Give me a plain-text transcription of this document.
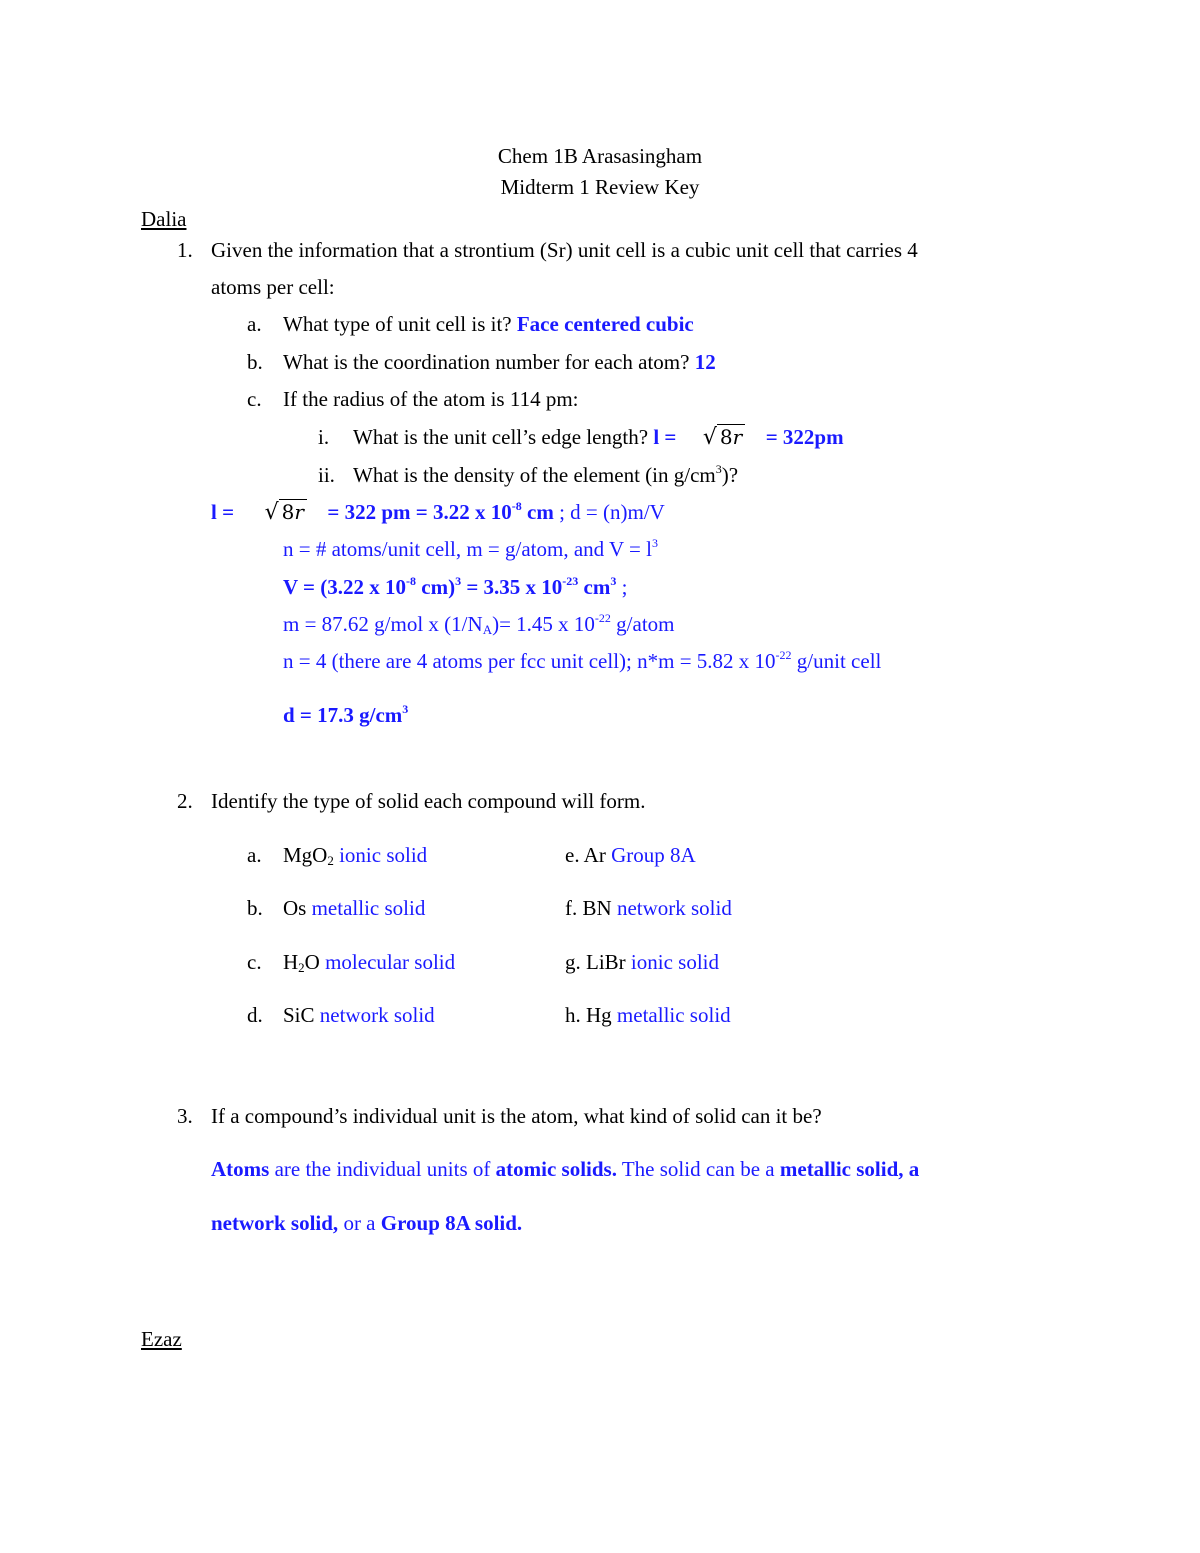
Chem 1B Arasasingham
Midterm 1 Review Key
Dalia
1. Given the information that a strontium (Sr) unit cell is a cubic unit cell that carries 4
atoms per cell:
a. What type of unit cell is it? Face centered cubic
b. What is the coordination number for each atom? 12
c. If the radius of the atom is 114 pm:
i. What is the unit cell’s edge length? l = √ 8r = 322pm
ii. What is the density of the element (in $g/cm^3$)?
l = √ 8r = 322 pm = 3.22 x $10^{-8}$ cm ; d = (n)m/V
n = # atoms/unit cell, m = g/atom, and $V = l^3$
V = (3.22 x $10^{-8}$ cm)$^3$ = 3.35 x $10^{-23}$ $cm^3$ ;
m = 87.62 g/mol x $(1/N_A)= 1.45$ x $10^{-22}$ g/atom
n = 4 (there are 4 atoms per fcc unit cell); n*m = 5.82 x $10^{-22}$ g/unit cell
d = 17.3 $g/cm^3$
2. Identify the type of solid each compound will form.
a. MgO$_2$ ionic solid
b. Os metallic solid
c. $H_2O$ molecular solid
d. SiC network solid
e. Ar Group 8A
f. BN network solid
g. LiBr ionic solid
h. Hg metallic solid
3. If a compound’s individual unit is the atom, what kind of solid can it be?
Atoms are the individual units of atomic solids. The solid can be a metallic solid, a
network solid, or a Group 8A solid.
Ezaz
